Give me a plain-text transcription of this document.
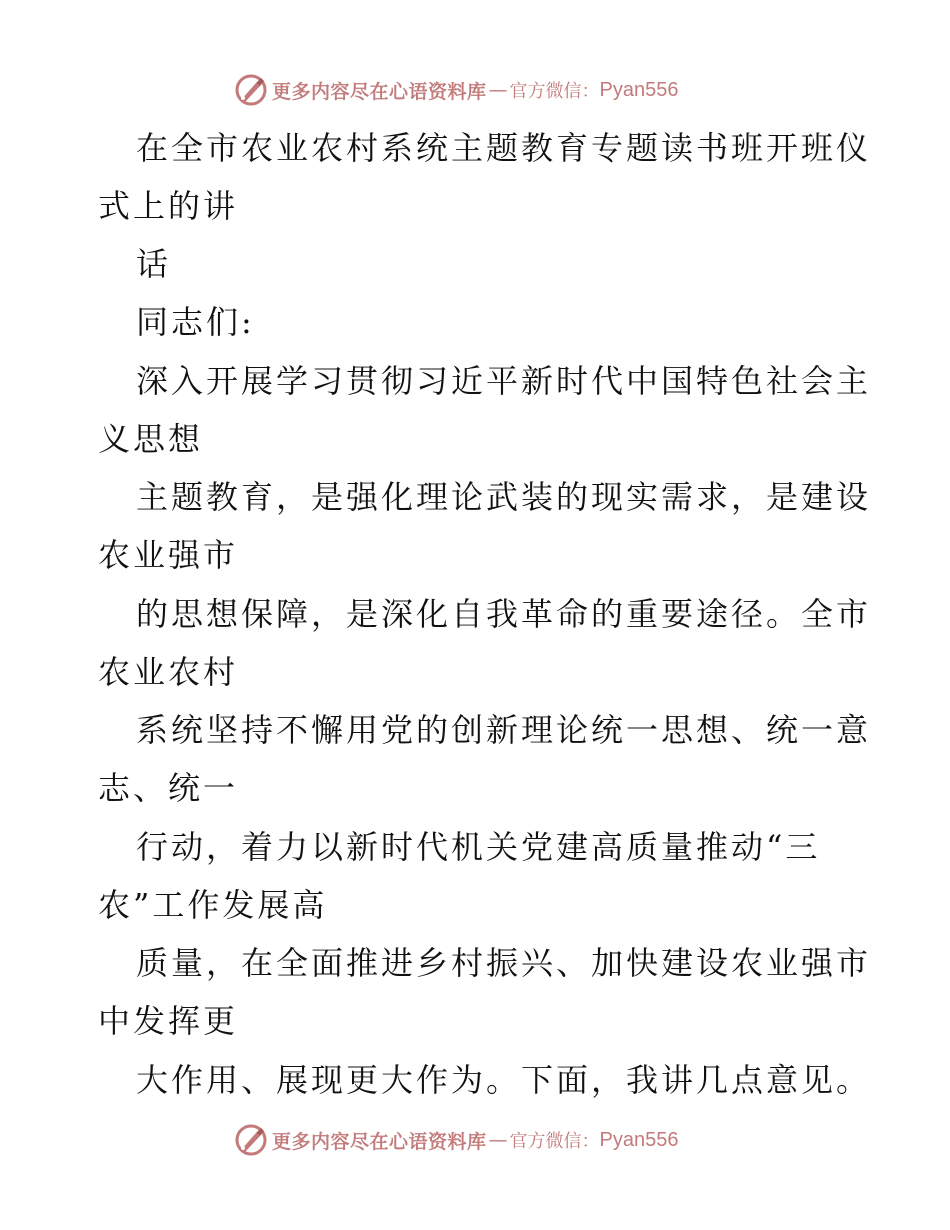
更多内容尽在心语资料库 — 官方微信： Pyan556
在全市农业农村系统主题教育专题读书班开班仪
式上的讲
话
同志们:
深入开展学习贯彻习近平新时代中国特色社会主
义思想
主题教育，是强化理论武装的现实需求，是建设
农业强市
的思想保障，是深化自我革命的重要途径。全市
农业农村
系统坚持不懈用党的创新理论统一思想、统一意
志、统一
行动，着力以新时代机关党建高质量推动“三
农”工作发展高
质量，在全面推进乡村振兴、加快建设农业强市
中发挥更
大作用、展现更大作为。下面，我讲几点意见。
更多内容尽在心语资料库 — 官方微信： Pyan556
